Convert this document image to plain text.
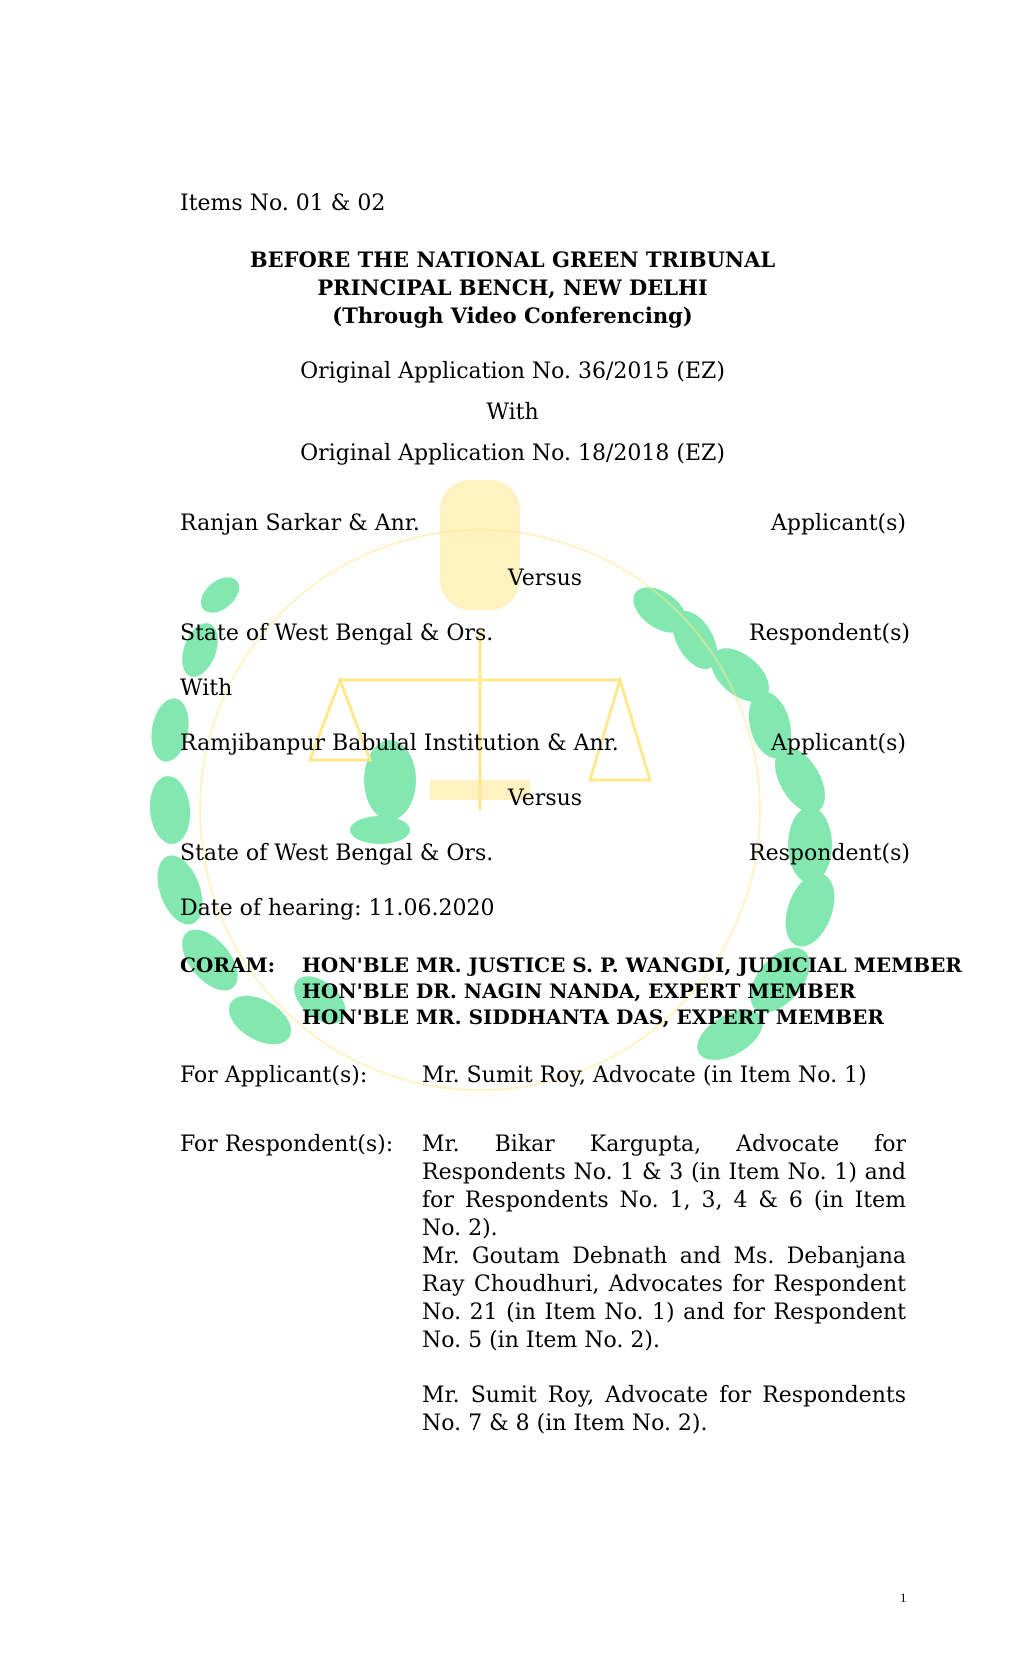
Items No. 01 & 02
BEFORE THE NATIONAL GREEN TRIBUNAL
PRINCIPAL BENCH, NEW DELHI
(Through Video Conferencing)
Original Application No. 36/2015 (EZ)
With
Original Application No. 18/2018 (EZ)
Ranjan Sarkar & Anr.	Applicant(s)
Versus
State of West Bengal & Ors.	Respondent(s)
With
Ramjibanpur Babulal Institution & Anr.	Applicant(s)
Versus
State of West Bengal & Ors.	Respondent(s)
Date of hearing: 11.06.2020
CORAM: HON'BLE MR. JUSTICE S. P. WANGDI, JUDICIAL MEMBER
HON'BLE DR. NAGIN NANDA, EXPERT MEMBER
HON'BLE MR. SIDDHANTA DAS, EXPERT MEMBER
For Applicant(s): Mr. Sumit Roy, Advocate (in Item No. 1)
For Respondent(s): Mr. Bikar Kargupta, Advocate for Respondents No. 1 & 3 (in Item No. 1) and for Respondents No. 1, 3, 4 & 6 (in Item No. 2).
Mr. Goutam Debnath and Ms. Debanjana Ray Choudhuri, Advocates for Respondent No. 21 (in Item No. 1) and for Respondent No. 5 (in Item No. 2).
Mr. Sumit Roy, Advocate for Respondents No. 7 & 8 (in Item No. 2).
1
